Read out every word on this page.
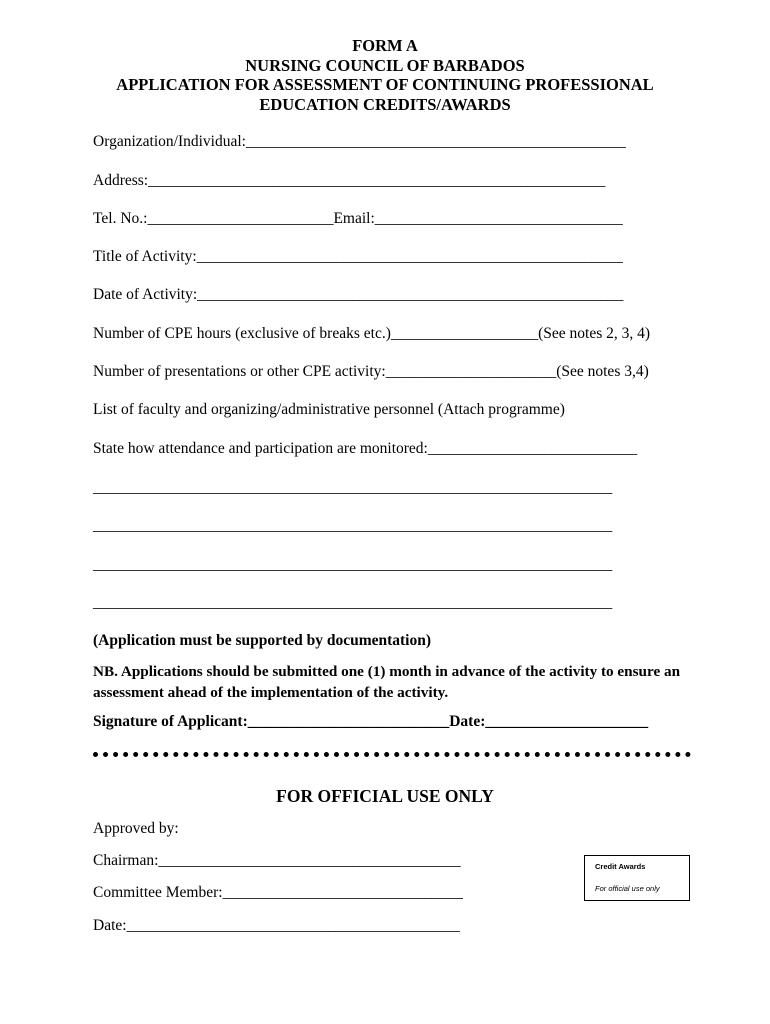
FORM A
NURSING COUNCIL OF BARBADOS
APPLICATION FOR ASSESSMENT OF CONTINUING PROFESSIONAL
EDUCATION CREDITS/AWARDS
Organization/Individual:_________________________________________________
Address:___________________________________________________________
Tel. No.:________________________Email:________________________________
Title of Activity:_______________________________________________________
Date of Activity:_______________________________________________________
Number of CPE hours (exclusive of breaks etc.)___________________(See notes 2, 3, 4)
Number of presentations or other CPE activity:______________________(See notes 3,4)
List of faculty and organizing/administrative personnel (Attach programme)
State how attendance and participation are monitored:___________________________
___________________________________________________________________
___________________________________________________________________
___________________________________________________________________
___________________________________________________________________
(Application must be supported by documentation)
NB. Applications should be submitted one (1) month in advance of the activity to ensure an assessment ahead of the implementation of the activity.
Signature of Applicant:__________________________Date:_____________________
FOR OFFICIAL USE ONLY
Approved by:
Chairman:_______________________________________
Committee Member:_______________________________
Date:___________________________________________
Credit Awards
For official use only
